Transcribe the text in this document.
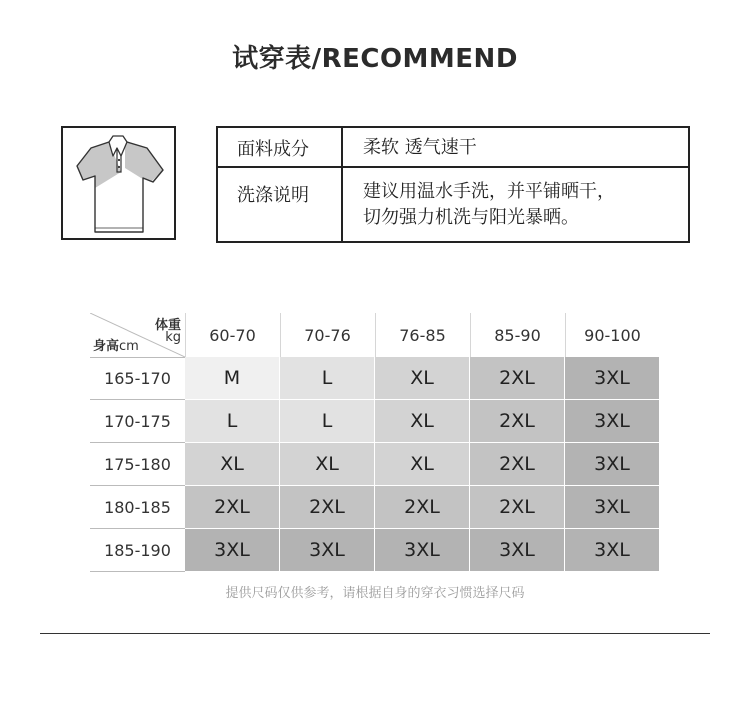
试穿表/RECOMMEND
面料成分	柔软 透气速干
洗涤说明	建议用温水手洗，并平铺晒干，
切勿强力机洗与阳光暴晒。
体重
kg
身高cm
60-70	70-76	76-85	85-90	90-100
165-170	M	L	XL	2XL	3XL
170-175	L	L	XL	2XL	3XL
175-180	XL	XL	XL	2XL	3XL
180-185	2XL	2XL	2XL	2XL	3XL
185-190	3XL	3XL	3XL	3XL	3XL
提供尺码仅供参考，请根据自身的穿衣习惯选择尺码
